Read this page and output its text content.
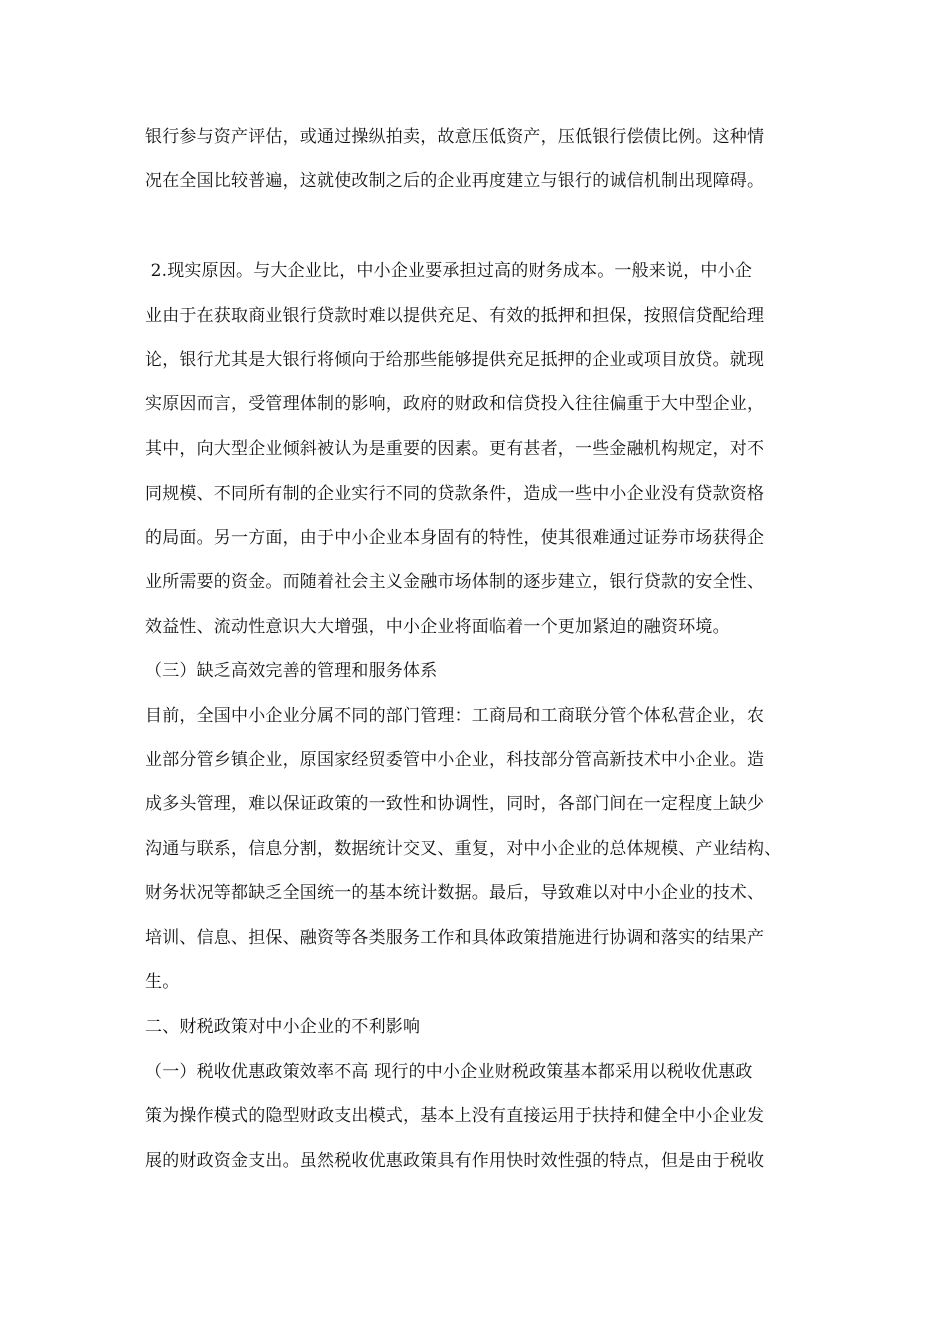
银行参与资产评估，或通过操纵拍卖，故意压低资产，压低银行偿债比例。这种情
况在全国比较普遍，这就使改制之后的企业再度建立与银行的诚信机制出现障碍。
2.现实原因。与大企业比，中小企业要承担过高的财务成本。一般来说，中小企
业由于在获取商业银行贷款时难以提供充足、有效的抵押和担保，按照信贷配给理
论，银行尤其是大银行将倾向于给那些能够提供充足抵押的企业或项目放贷。就现
实原因而言，受管理体制的影响，政府的财政和信贷投入往往偏重于大中型企业，
其中，向大型企业倾斜被认为是重要的因素。更有甚者，一些金融机构规定，对不
同规模、不同所有制的企业实行不同的贷款条件，造成一些中小企业没有贷款资格
的局面。另一方面，由于中小企业本身固有的特性，使其很难通过证券市场获得企
业所需要的资金。而随着社会主义金融市场体制的逐步建立，银行贷款的安全性、
效益性、流动性意识大大增强，中小企业将面临着一个更加紧迫的融资环境。
（三）缺乏高效完善的管理和服务体系
目前，全国中小企业分属不同的部门管理：工商局和工商联分管个体私营企业，农
业部分管乡镇企业，原国家经贸委管中小企业，科技部分管高新技术中小企业。造
成多头管理，难以保证政策的一致性和协调性，同时，各部门间在一定程度上缺少
沟通与联系，信息分割，数据统计交叉、重复，对中小企业的总体规模、产业结构、
财务状况等都缺乏全国统一的基本统计数据。最后，导致难以对中小企业的技术、
培训、信息、担保、融资等各类服务工作和具体政策措施进行协调和落实的结果产
生。
二、财税政策对中小企业的不利影响
（一）税收优惠政策效率不高 现行的中小企业财税政策基本都采用以税收优惠政
策为操作模式的隐型财政支出模式，基本上没有直接运用于扶持和健全中小企业发
展的财政资金支出。虽然税收优惠政策具有作用快时效性强的特点，但是由于税收
